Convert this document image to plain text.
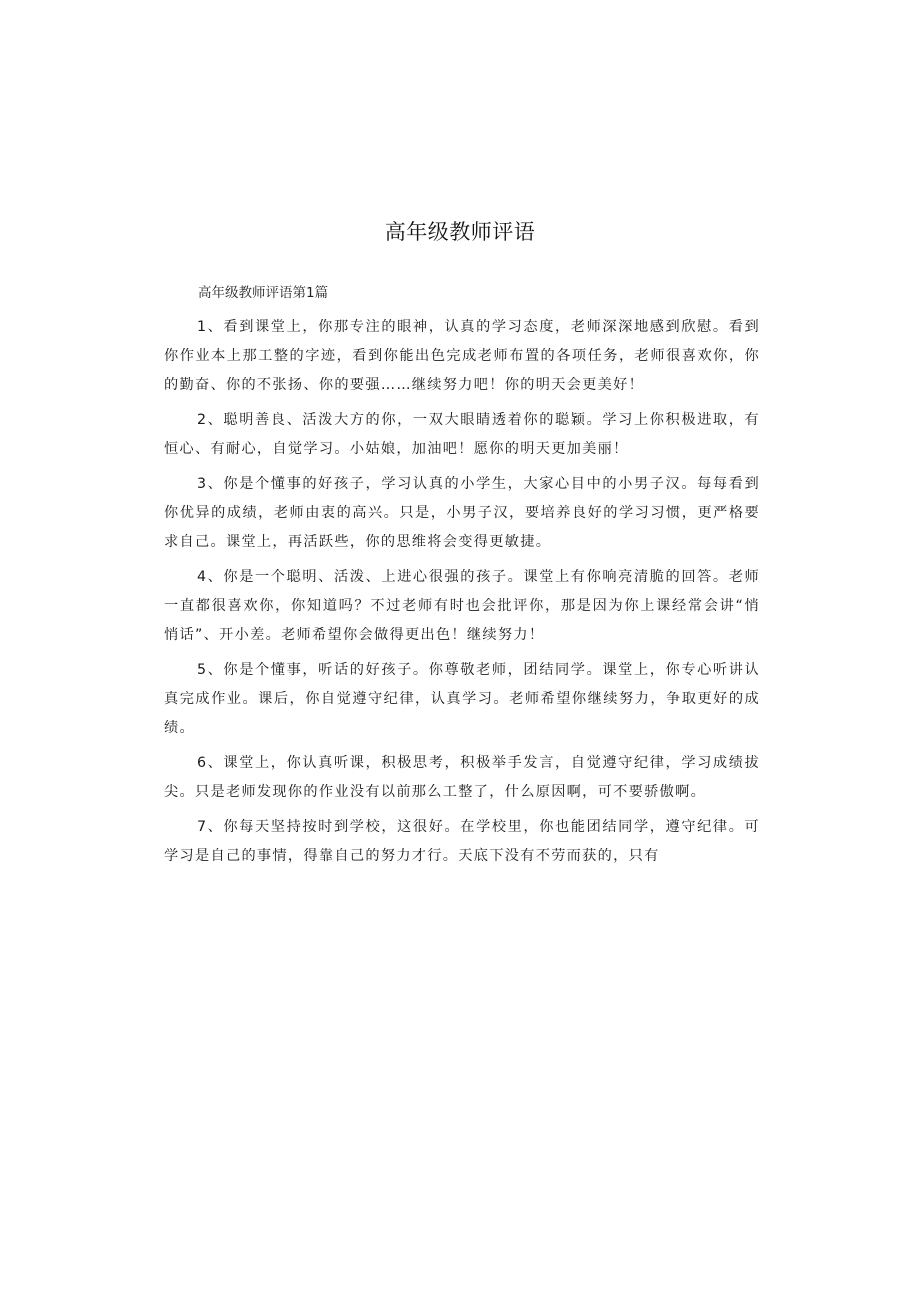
高年级教师评语

高年级教师评语第1篇

1、看到课堂上，你那专注的眼神，认真的学习态度，老师深深地感到欣慰。看到你作业本上那工整的字迹，看到你能出色完成老师布置的各项任务，老师很喜欢你，你的勤奋、你的不张扬、你的要强……继续努力吧！你的明天会更美好！

2、聪明善良、活泼大方的你，一双大眼睛透着你的聪颖。学习上你积极进取，有恒心、有耐心，自觉学习。小姑娘，加油吧！愿你的明天更加美丽！

3、你是个懂事的好孩子，学习认真的小学生，大家心目中的小男子汉。每每看到你优异的成绩，老师由衷的高兴。只是，小男子汉，要培养良好的学习习惯，更严格要求自己。课堂上，再活跃些，你的思维将会变得更敏捷。

4、你是一个聪明、活泼、上进心很强的孩子。课堂上有你响亮清脆的回答。老师一直都很喜欢你，你知道吗？不过老师有时也会批评你，那是因为你上课经常会讲“悄悄话”、开小差。老师希望你会做得更出色！继续努力！

5、你是个懂事，听话的好孩子。你尊敬老师，团结同学。课堂上，你专心听讲认真完成作业。课后，你自觉遵守纪律，认真学习。老师希望你继续努力，争取更好的成绩。

6、课堂上，你认真听课，积极思考，积极举手发言，自觉遵守纪律，学习成绩拔尖。只是老师发现你的作业没有以前那么工整了，什么原因啊，可不要骄傲啊。

7、你每天坚持按时到学校，这很好。在学校里，你也能团结同学，遵守纪律。可学习是自己的事情，得靠自己的努力才行。天底下没有不劳而获的，只有
